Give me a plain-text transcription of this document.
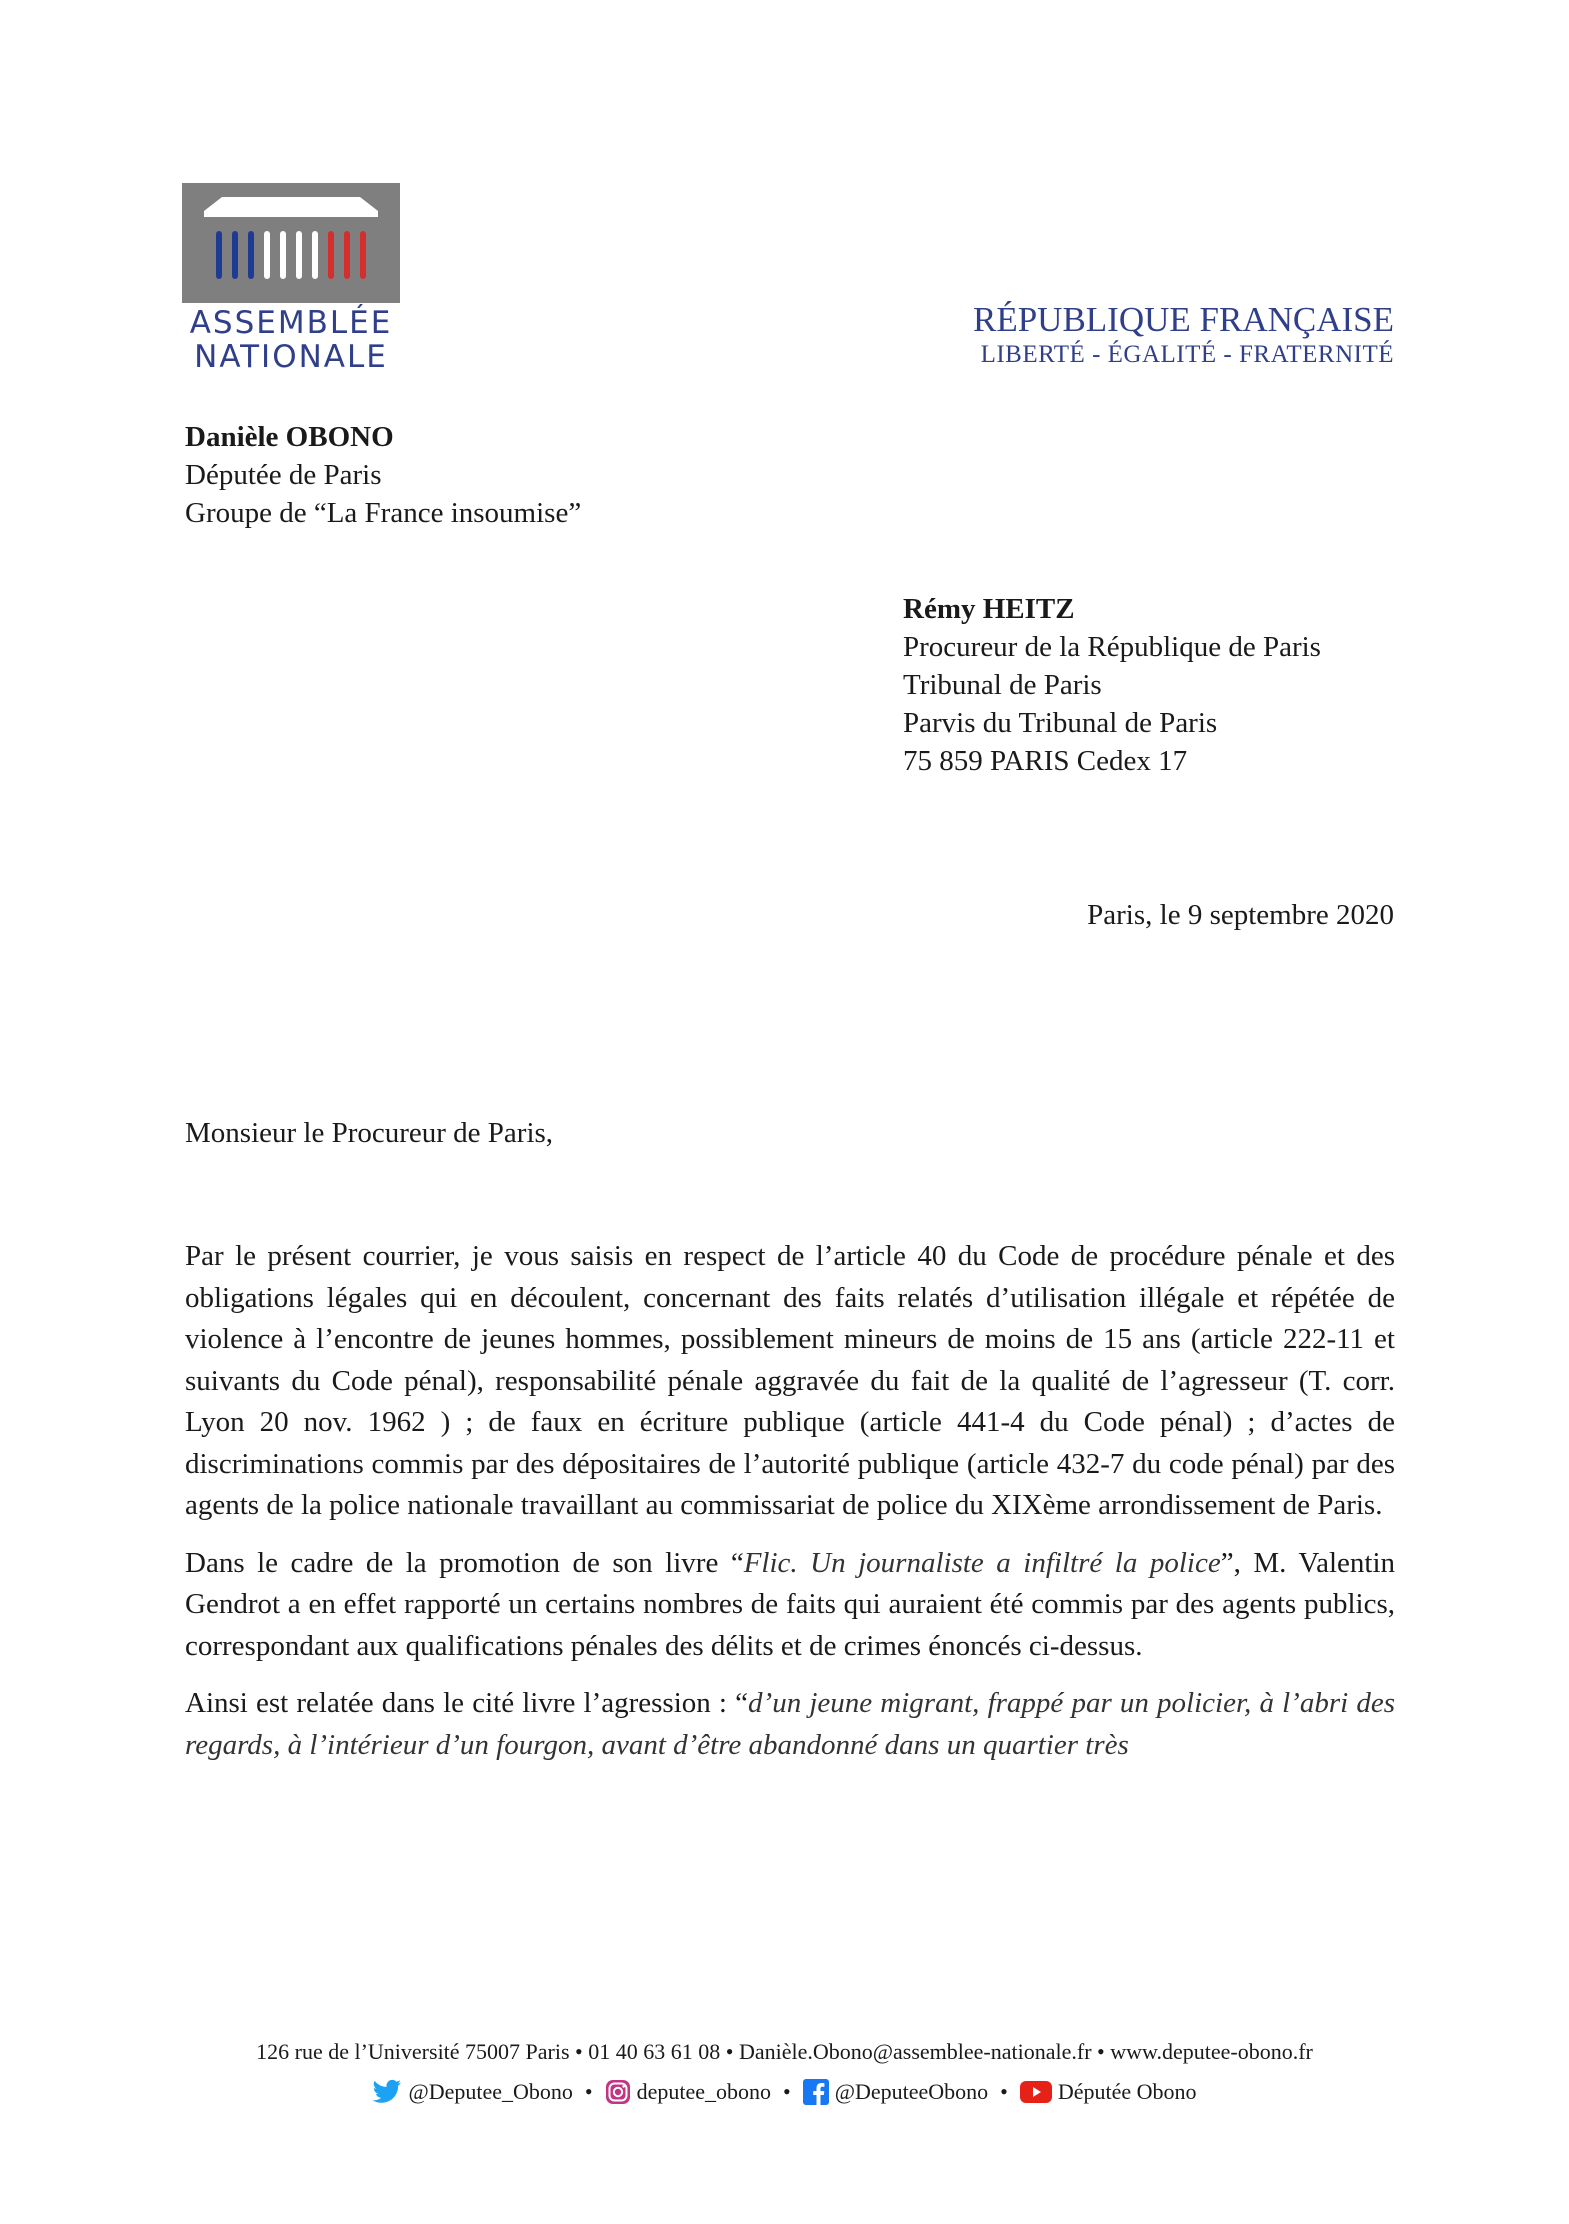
ASSEMBLÉE
NATIONALE
RÉPUBLIQUE FRANÇAISE
LIBERTÉ - ÉGALITÉ - FRATERNITÉ
Danièle OBONO
Députée de Paris
Groupe de “La France insoumise”
Rémy HEITZ
Procureur de la République de Paris
Tribunal de Paris
Parvis du Tribunal de Paris
75 859 PARIS Cedex 17
Paris, le 9 septembre 2020
Monsieur le Procureur de Paris,

Par le présent courrier, je vous saisis en respect de l’article 40 du Code de procédure pénale et des obligations légales qui en découlent, concernant des faits relatés d’utilisation illégale et répétée de violence à l’encontre de jeunes hommes, possiblement mineurs de moins de 15 ans (article 222-11 et suivants du Code pénal), responsabilité pénale aggravée du fait de la qualité de l’agresseur (T. corr. Lyon 20 nov. 1962 ) ; de faux en écriture publique (article 441-4 du Code pénal) ; d’actes de discriminations commis par des dépositaires de l’autorité publique (article 432-7 du code pénal) par des agents de la police nationale travaillant au commissariat de police du XIXème arrondissement de Paris.

Dans le cadre de la promotion de son livre “Flic. Un journaliste a infiltré la police”, M. Valentin Gendrot a en effet rapporté un certains nombres de faits qui auraient été commis par des agents publics, correspondant aux qualifications pénales des délits et de crimes énoncés ci-dessus.

Ainsi est relatée dans le cité livre l’agression : “d’un jeune migrant, frappé par un policier, à l’abri des regards, à l’intérieur d’un fourgon, avant d’être abandonné dans un quartier très

126 rue de l’Université 75007 Paris • 01 40 63 61 08 • Danièle.Obono@assemblee-nationale.fr • www.deputee-obono.fr
@Deputee_Obono • deputee_obono • @DeputeeObono • Députée Obono
